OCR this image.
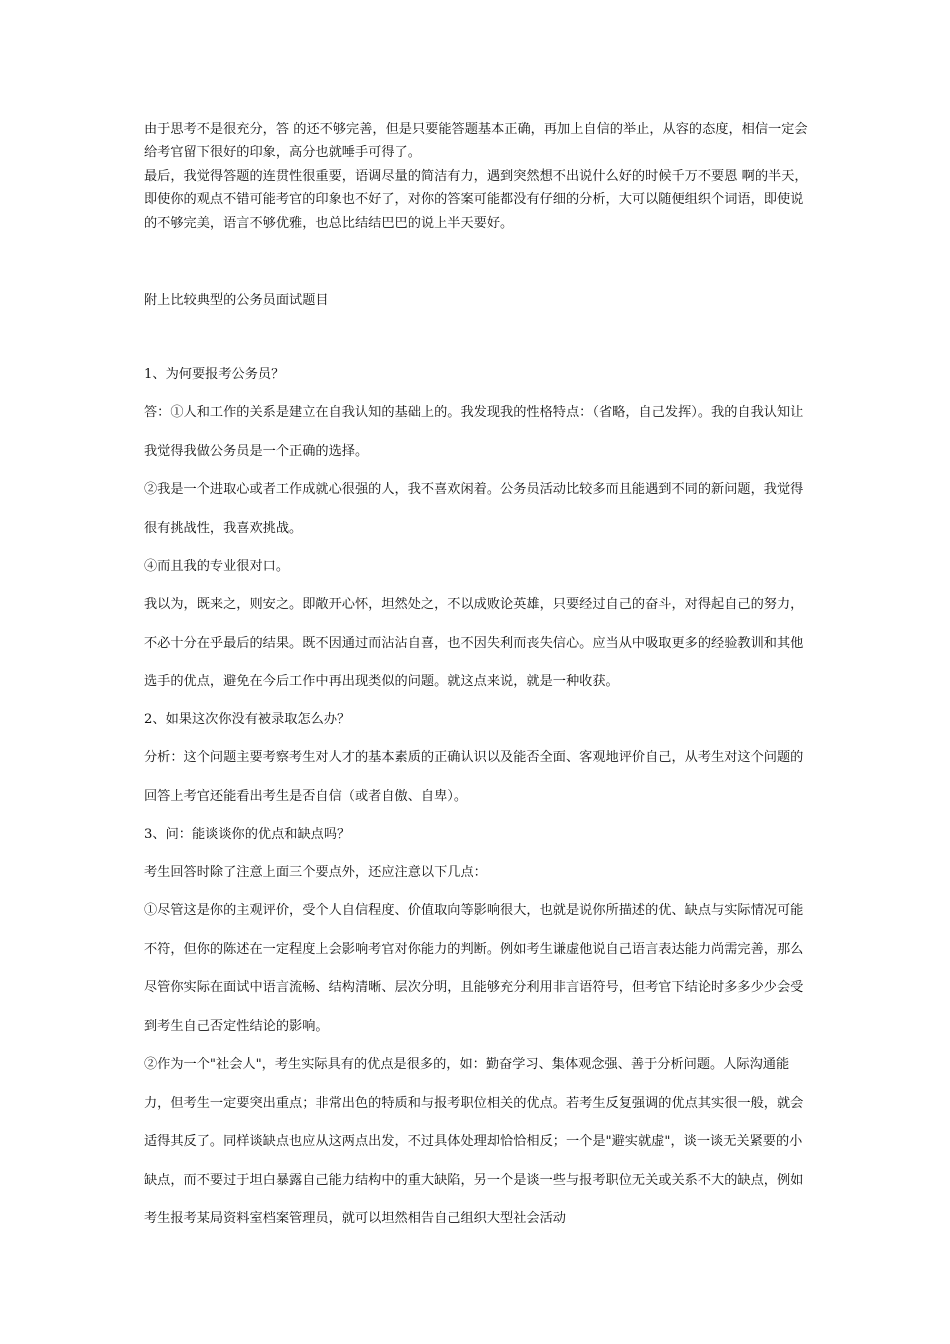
由于思考不是很充分，答 的还不够完善，但是只要能答题基本正确，再加上自信的举止，从容的态度，相信一定会给考官留下很好的印象，高分也就唾手可得了。

最后，我觉得答题的连贯性很重要，语调尽量的简洁有力，遇到突然想不出说什么好的时候千万不要恩 啊的半天，即使你的观点不错可能考官的印象也不好了，对你的答案可能都没有仔细的分析，大可以随便组织个词语，即使说的不够完美，语言不够优雅，也总比结结巴巴的说上半天要好。

附上比较典型的公务员面试题目

1、为何要报考公务员？

答：①人和工作的关系是建立在自我认知的基础上的。我发现我的性格特点：（省略，自己发挥）。我的自我认知让我觉得我做公务员是一个正确的选择。

②我是一个进取心或者工作成就心很强的人，我不喜欢闲着。公务员活动比较多而且能遇到不同的新问题，我觉得很有挑战性，我喜欢挑战。

④而且我的专业很对口。

我以为，既来之，则安之。即敞开心怀，坦然处之，不以成败论英雄，只要经过自己的奋斗，对得起自己的努力，不必十分在乎最后的结果。既不因通过而沾沾自喜，也不因失利而丧失信心。应当从中吸取更多的经验教训和其他选手的优点，避免在今后工作中再出现类似的问题。就这点来说，就是一种收获。

2、如果这次你没有被录取怎么办？

分析：这个问题主要考察考生对人才的基本素质的正确认识以及能否全面、客观地评价自己，从考生对这个问题的回答上考官还能看出考生是否自信（或者自傲、自卑）。

3、问：能谈谈你的优点和缺点吗？

考生回答时除了注意上面三个要点外，还应注意以下几点：

①尽管这是你的主观评价，受个人自信程度、价值取向等影响很大，也就是说你所描述的优、缺点与实际情况可能不符，但你的陈述在一定程度上会影响考官对你能力的判断。例如考生谦虚他说自己语言表达能力尚需完善，那么尽管你实际在面试中语言流畅、结构清晰、层次分明，且能够充分利用非言语符号，但考官下结论时多多少少会受到考生自己否定性结论的影响。

②作为一个"社会人"，考生实际具有的优点是很多的，如：勤奋学习、集体观念强、善于分析问题。人际沟通能力，但考生一定要突出重点；非常出色的特质和与报考职位相关的优点。若考生反复强调的优点其实很一般，就会适得其反了。同样谈缺点也应从这两点出发，不过具体处理却恰恰相反；一个是"避实就虚"，谈一谈无关紧要的小缺点，而不要过于坦白暴露自己能力结构中的重大缺陷，另一个是谈一些与报考职位无关或关系不大的缺点，例如考生报考某局资料室档案管理员，就可以坦然相告自己组织大型社会活动
